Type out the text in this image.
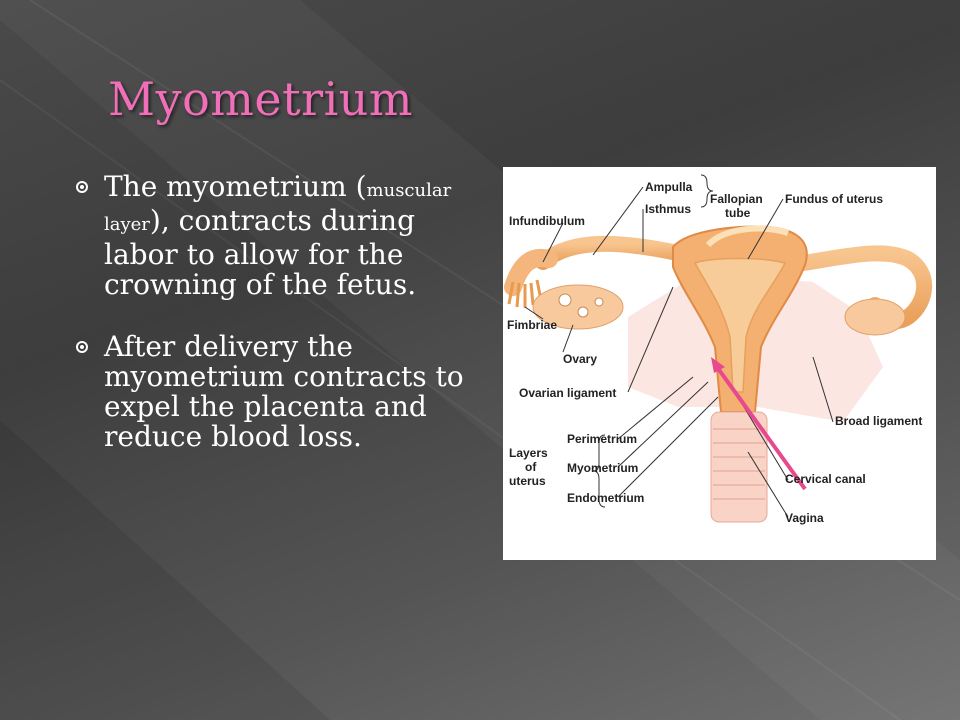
Myometrium
The myometrium (muscular layer), contracts during labor to allow for the crowning of the fetus.
After delivery the myometrium contracts to expel the placenta and reduce blood loss.
Ampulla
Isthmus
Fallopian
tube
Fundus of uterus
Infundibulum
Fimbriae
Ovary
Ovarian ligament
Broad ligament
Layers
of
uterus
Perimetrium
Myometrium
Endometrium
Cervical canal
Vagina
